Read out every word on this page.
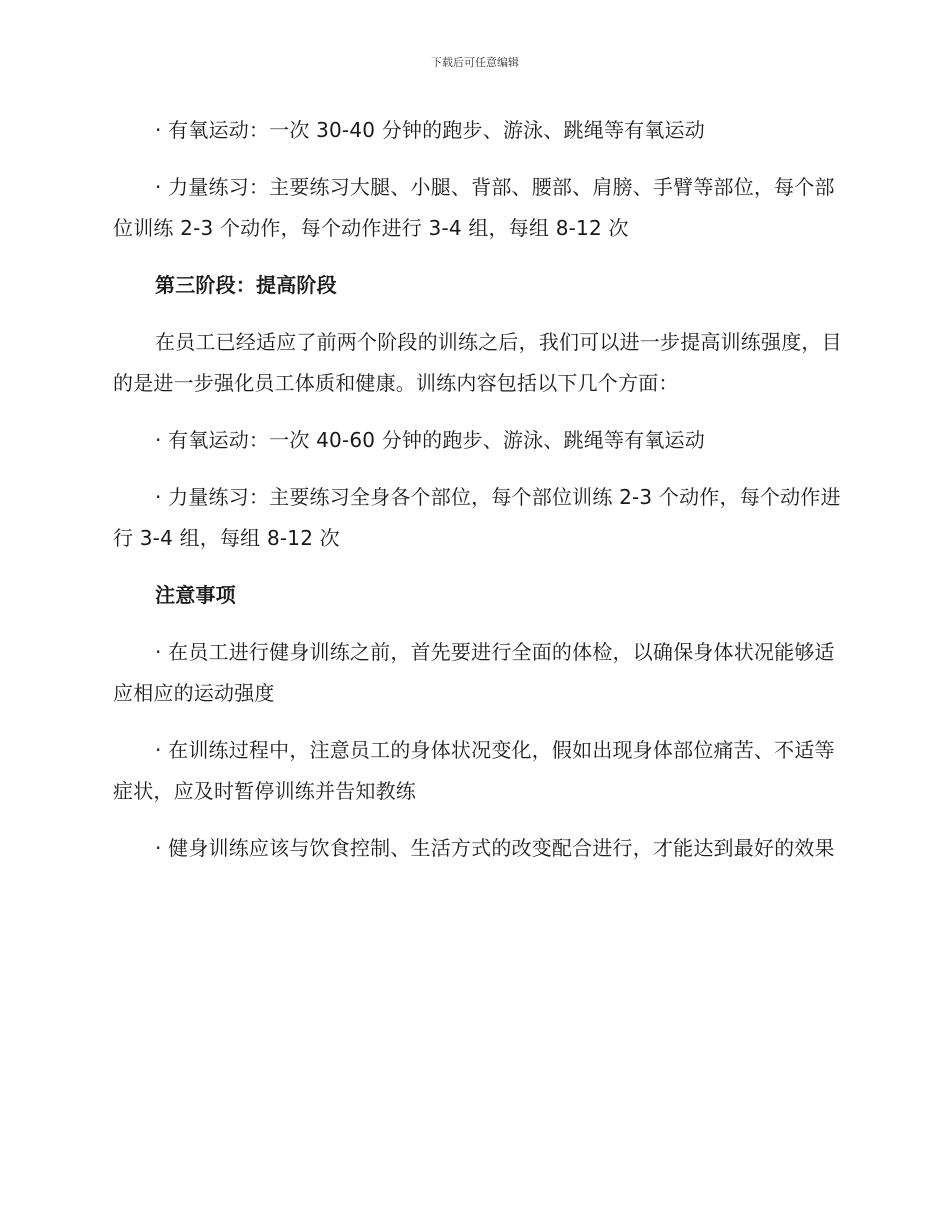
下载后可任意编辑

· 有氧运动：一次 30-40 分钟的跑步、游泳、跳绳等有氧运动

· 力量练习：主要练习大腿、小腿、背部、腰部、肩膀、手臂等部位，每个部位训练 2-3 个动作，每个动作进行 3-4 组，每组 8-12 次

第三阶段：提高阶段

在员工已经适应了前两个阶段的训练之后，我们可以进一步提高训练强度，目的是进一步强化员工体质和健康。训练内容包括以下几个方面：

· 有氧运动：一次 40-60 分钟的跑步、游泳、跳绳等有氧运动

· 力量练习：主要练习全身各个部位，每个部位训练 2-3 个动作，每个动作进行 3-4 组，每组 8-12 次

注意事项

· 在员工进行健身训练之前，首先要进行全面的体检，以确保身体状况能够适应相应的运动强度

· 在训练过程中，注意员工的身体状况变化，假如出现身体部位痛苦、不适等症状，应及时暂停训练并告知教练

· 健身训练应该与饮食控制、生活方式的改变配合进行，才能达到最好的效果
